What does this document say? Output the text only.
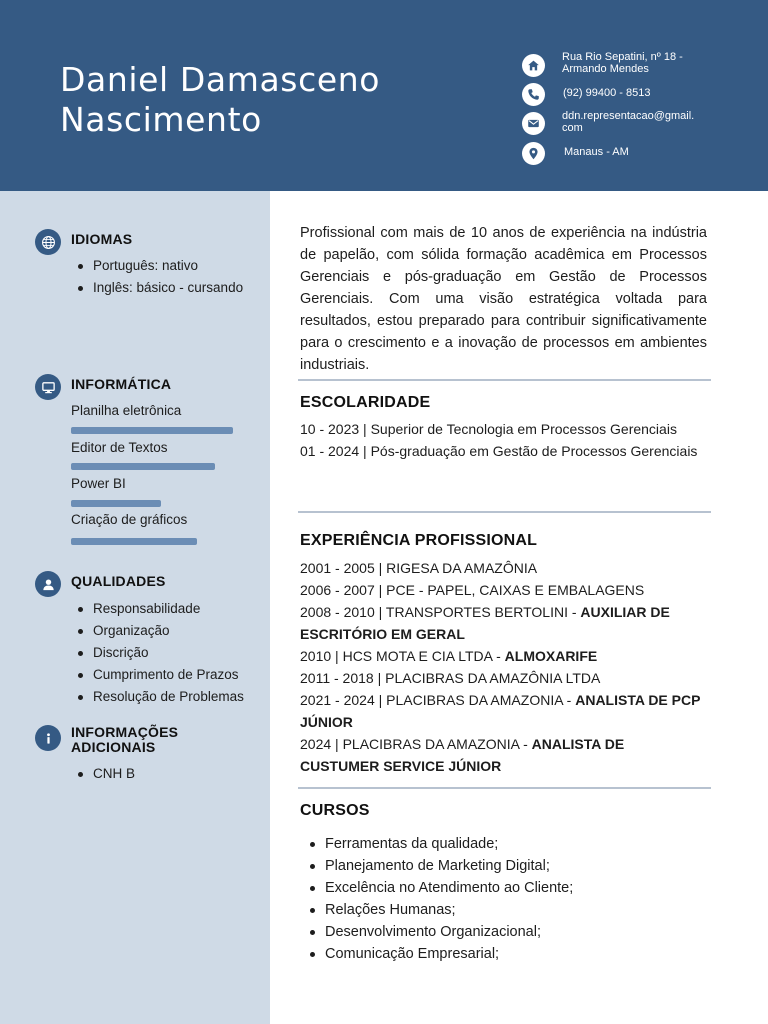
Daniel Damasceno
Nascimento
Rua Rio Sepatini, nº 18 -
Armando Mendes
(92) 99400 - 8513
ddn.representacao@gmail.
com
Manaus - AM
IDIOMAS
Português: nativo
Inglês: básico - cursando
INFORMÁTICA
Planilha eletrônica
Editor de Textos
Power BI
Criação de gráficos
QUALIDADES
Responsabilidade
Organização
Discrição
Cumprimento de Prazos
Resolução de Problemas
INFORMAÇÕES
ADICIONAIS
CNH B
Profissional com mais de 10 anos de experiência na indústria de papelão, com sólida formação acadêmica em Processos Gerenciais e pós-graduação em Gestão de Processos Gerenciais. Com uma visão estratégica voltada para resultados, estou preparado para contribuir significativamente para o crescimento e a inovação de processos em ambientes industriais.
ESCOLARIDADE
10 - 2023 | Superior de Tecnologia em Processos Gerenciais
01 - 2024 | Pós-graduação em Gestão de Processos Gerenciais
EXPERIÊNCIA PROFISSIONAL
2001 - 2005 | RIGESA DA AMAZÔNIA
2006 - 2007 | PCE - PAPEL, CAIXAS E EMBALAGENS
2008 - 2010 | TRANSPORTES BERTOLINI - AUXILIAR DE ESCRITÓRIO EM GERAL
2010 | HCS MOTA E CIA LTDA - ALMOXARIFE
2011 - 2018 | PLACIBRAS DA AMAZÔNIA LTDA
2021 - 2024 | PLACIBRAS DA AMAZONIA - ANALISTA DE PCP JÚNIOR
2024 | PLACIBRAS DA AMAZONIA - ANALISTA DE CUSTUMER SERVICE JÚNIOR
CURSOS
Ferramentas da qualidade;
Planejamento de Marketing Digital;
Excelência no Atendimento ao Cliente;
Relações Humanas;
Desenvolvimento Organizacional;
Comunicação Empresarial;
